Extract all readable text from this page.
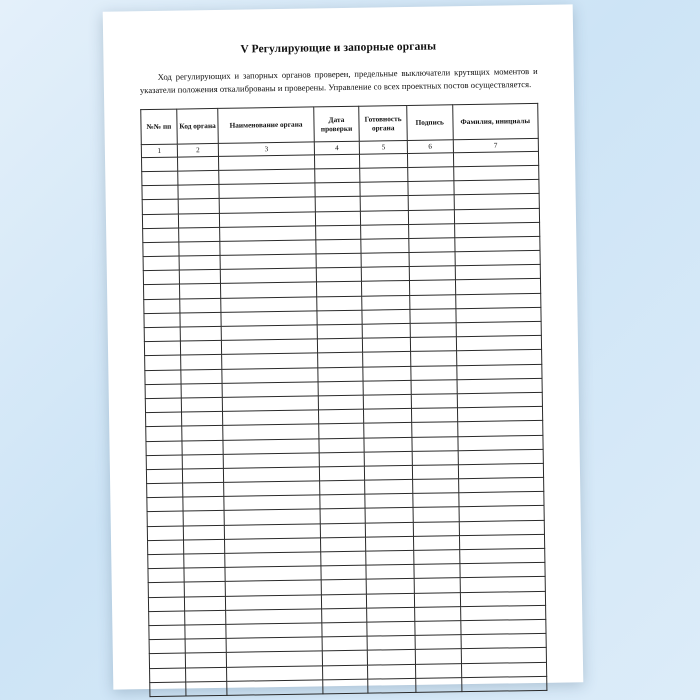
V Регулирующие и запорные органы

Ход регулирующих и запорных органов проверен, предельные выключатели крутящих моментов и указатели положения откалиброваны и проверены. Управление со всех проектных постов осуществляется.

№№ пп	Код органа	Наименование органа	Дата проверки	Готовность органа	Подпись	Фамилия, инициалы
1	2	3	4	5	6	7
